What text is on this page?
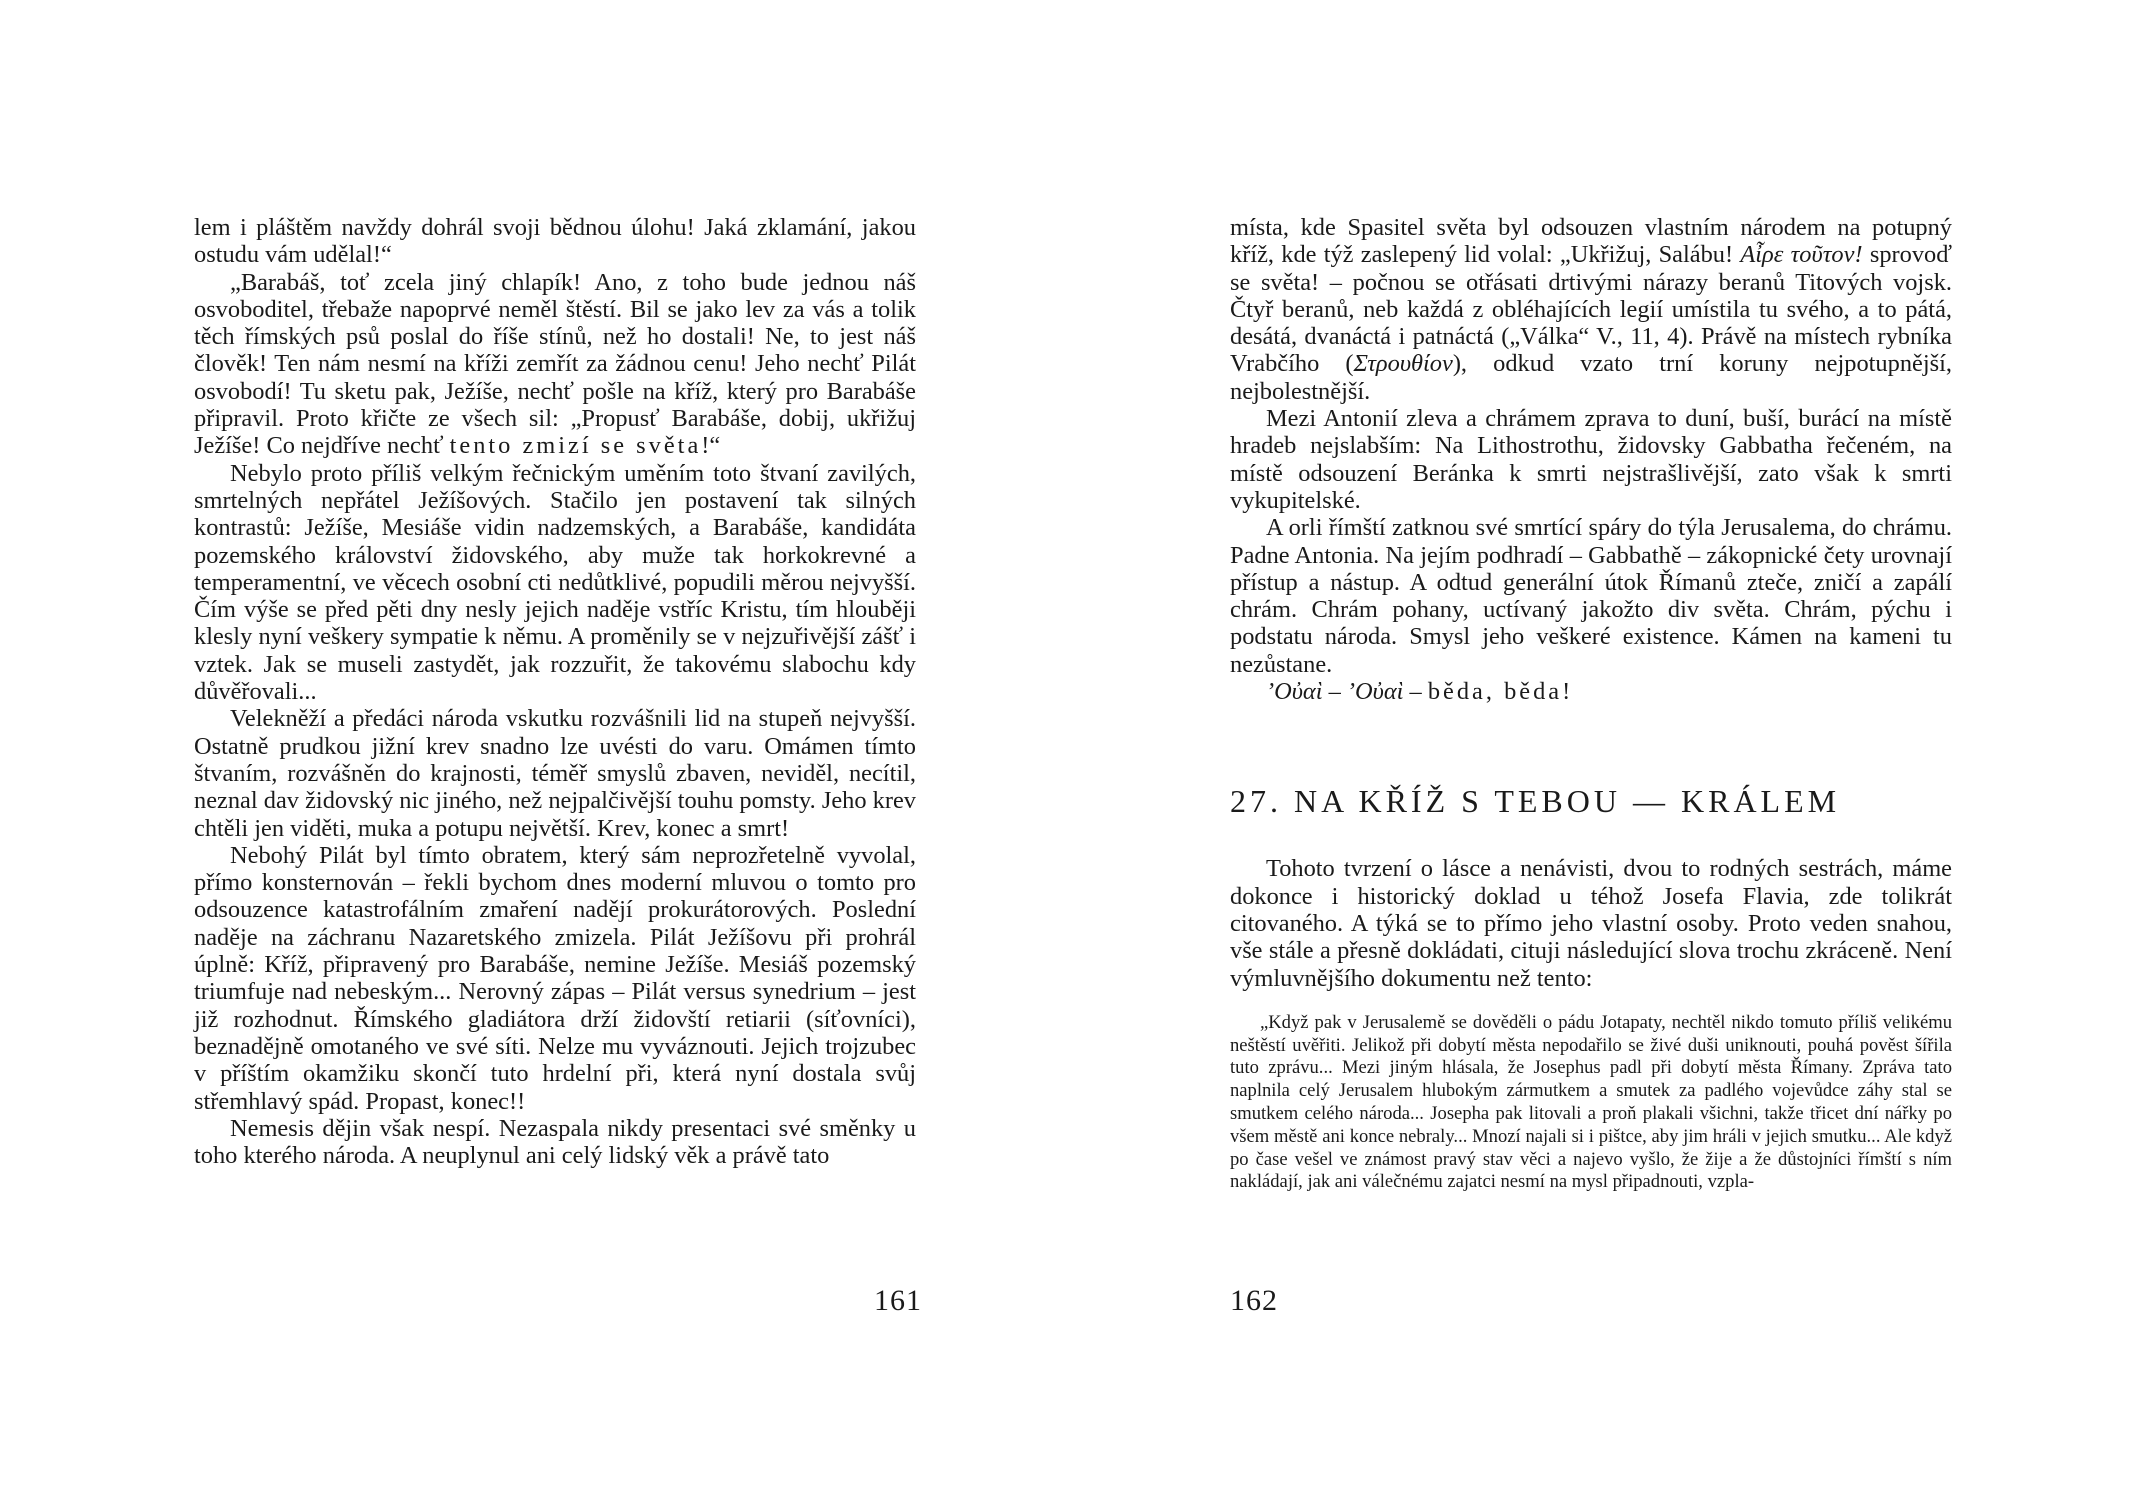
lem i pláštěm navždy dohrál svoji bědnou úlohu! Jaká zklamání, jakou ostudu vám udělal!“

„Barabáš, toť zcela jiný chlapík! Ano, z toho bude jednou náš osvoboditel, třebaže napoprvé neměl štěstí. Bil se jako lev za vás a tolik těch římských psů poslal do říše stínů, než ho dostali! Ne, to jest náš člověk! Ten nám nesmí na kříži zemřít za žádnou cenu! Jeho nechť Pilát osvobodí! Tu sketu pak, Ježíše, nechť pošle na kříž, který pro Barabáše připravil. Proto křičte ze všech sil: „Propusť Barabáše, dobij, ukřižuj Ježíše! Co nejdříve nechť tento zmizí se světa!“

Nebylo proto příliš velkým řečnickým uměním toto štvaní zavilých, smrtelných nepřátel Ježíšových. Stačilo jen postavení tak silných kontrastů: Ježíše, Mesiáše vidin nadzemských, a Barabáše, kandidáta pozemského království židovského, aby muže tak horkokrevné a temperamentní, ve věcech osobní cti nedůtklivé, popudili měrou nejvyšší. Čím výše se před pěti dny nesly jejich naděje vstříc Kristu, tím hlouběji klesly nyní veškery sympatie k němu. A proměnily se v nejzuřivější zášť i vztek. Jak se museli zastydět, jak rozzuřit, že takovému slabochu kdy důvěřovali...

Velekněží a předáci národa vskutku rozvášnili lid na stupeň nejvyšší. Ostatně prudkou jižní krev snadno lze uvésti do varu. Omámen tímto štvaním, rozvášněn do krajnosti, téměř smyslů zbaven, neviděl, necítil, neznal dav židovský nic jiného, než nejpalčivější touhu pomsty. Jeho krev chtěli jen viděti, muka a potupu největší. Krev, konec a smrt!

Nebohý Pilát byl tímto obratem, který sám neprozřetelně vyvolal, přímo konsternován – řekli bychom dnes moderní mluvou o tomto pro odsouzence katastrofálním zmaření nadějí prokurátorových. Poslední naděje na záchranu Nazaretského zmizela. Pilát Ježíšovu při prohrál úplně: Kříž, připravený pro Barabáše, nemine Ježíše. Mesiáš pozemský triumfuje nad nebeským... Nerovný zápas – Pilát versus synedrium – jest již rozhodnut. Římského gladiátora drží židovští retiarii (síťovníci), beznadějně omotaného ve své síti. Nelze mu vyváznouti. Jejich trojzubec v příštím okamžiku skončí tuto hrdelní při, která nyní dostala svůj střemhlavý spád. Propast, konec!!

Nemesis dějin však nespí. Nezaspala nikdy presentaci své směnky u toho kterého národa. A neuplynul ani celý lidský věk a právě tato

161

místa, kde Spasitel světa byl odsouzen vlastním národem na potupný kříž, kde týž zaslepený lid volal: „Ukřižuj, Salábu! Αἶρε τοῦτον! sprovoď se světa! – počnou se otřásati drtivými nárazy beranů Titových vojsk. Čtyř beranů, neb každá z obléhajících legií umístila tu svého, a to pátá, desátá, dvanáctá i patnáctá („Válka“ V., 11, 4). Právě na místech rybníka Vrabčího (Στρουθίον), odkud vzato trní koruny nejpotupnější, nejbolestnější.

Mezi Antonií zleva a chrámem zprava to duní, buší, burácí na místě hradeb nejslabším: Na Lithostrothu, židovsky Gabbatha řečeném, na místě odsouzení Beránka k smrti nejstrašlivější, zato však k smrti vykupitelské.

A orli římští zatknou své smrtící spáry do týla Jerusalema, do chrámu. Padne Antonia. Na jejím podhradí – Gabbathě – zákopnické čety urovnají přístup a nástup. A odtud generální útok Římanů zteče, zničí a zapálí chrám. Chrám pohany, uctívaný jakožto div světa. Chrám, pýchu i podstatu národa. Smysl jeho veškeré existence. Kámen na kameni tu nezůstane.

’Οὐαὶ – ’Οὐαὶ – běda, běda!

27. NA KŘÍŽ S TEBOU — KRÁLEM

Tohoto tvrzení o lásce a nenávisti, dvou to rodných sestrách, máme dokonce i historický doklad u téhož Josefa Flavia, zde tolikrát citovaného. A týká se to přímo jeho vlastní osoby. Proto veden snahou, vše stále a přesně dokládati, cituji následující slova trochu zkráceně. Není výmluvnějšího dokumentu než tento:

„Když pak v Jerusalemě se dověděli o pádu Jotapaty, nechtěl nikdo tomuto příliš velikému neštěstí uvěřiti. Jelikož při dobytí města nepodařilo se živé duši uniknouti, pouhá pověst šířila tuto zprávu... Mezi jiným hlásala, že Josephus padl při dobytí města Římany. Zpráva tato naplnila celý Jerusalem hlubokým zármutkem a smutek za padlého vojevůdce záhy stal se smutkem celého národa... Josepha pak litovali a proň plakali všichni, takže třicet dní nářky po všem městě ani konce nebraly... Mnozí najali si i pištce, aby jim hráli v jejich smutku... Ale když po čase vešel ve známost pravý stav věci a najevo vyšlo, že žije a že důstojníci římští s ním nakládají, jak ani válečnému zajatci nesmí na mysl připadnouti, vzpla-

162
